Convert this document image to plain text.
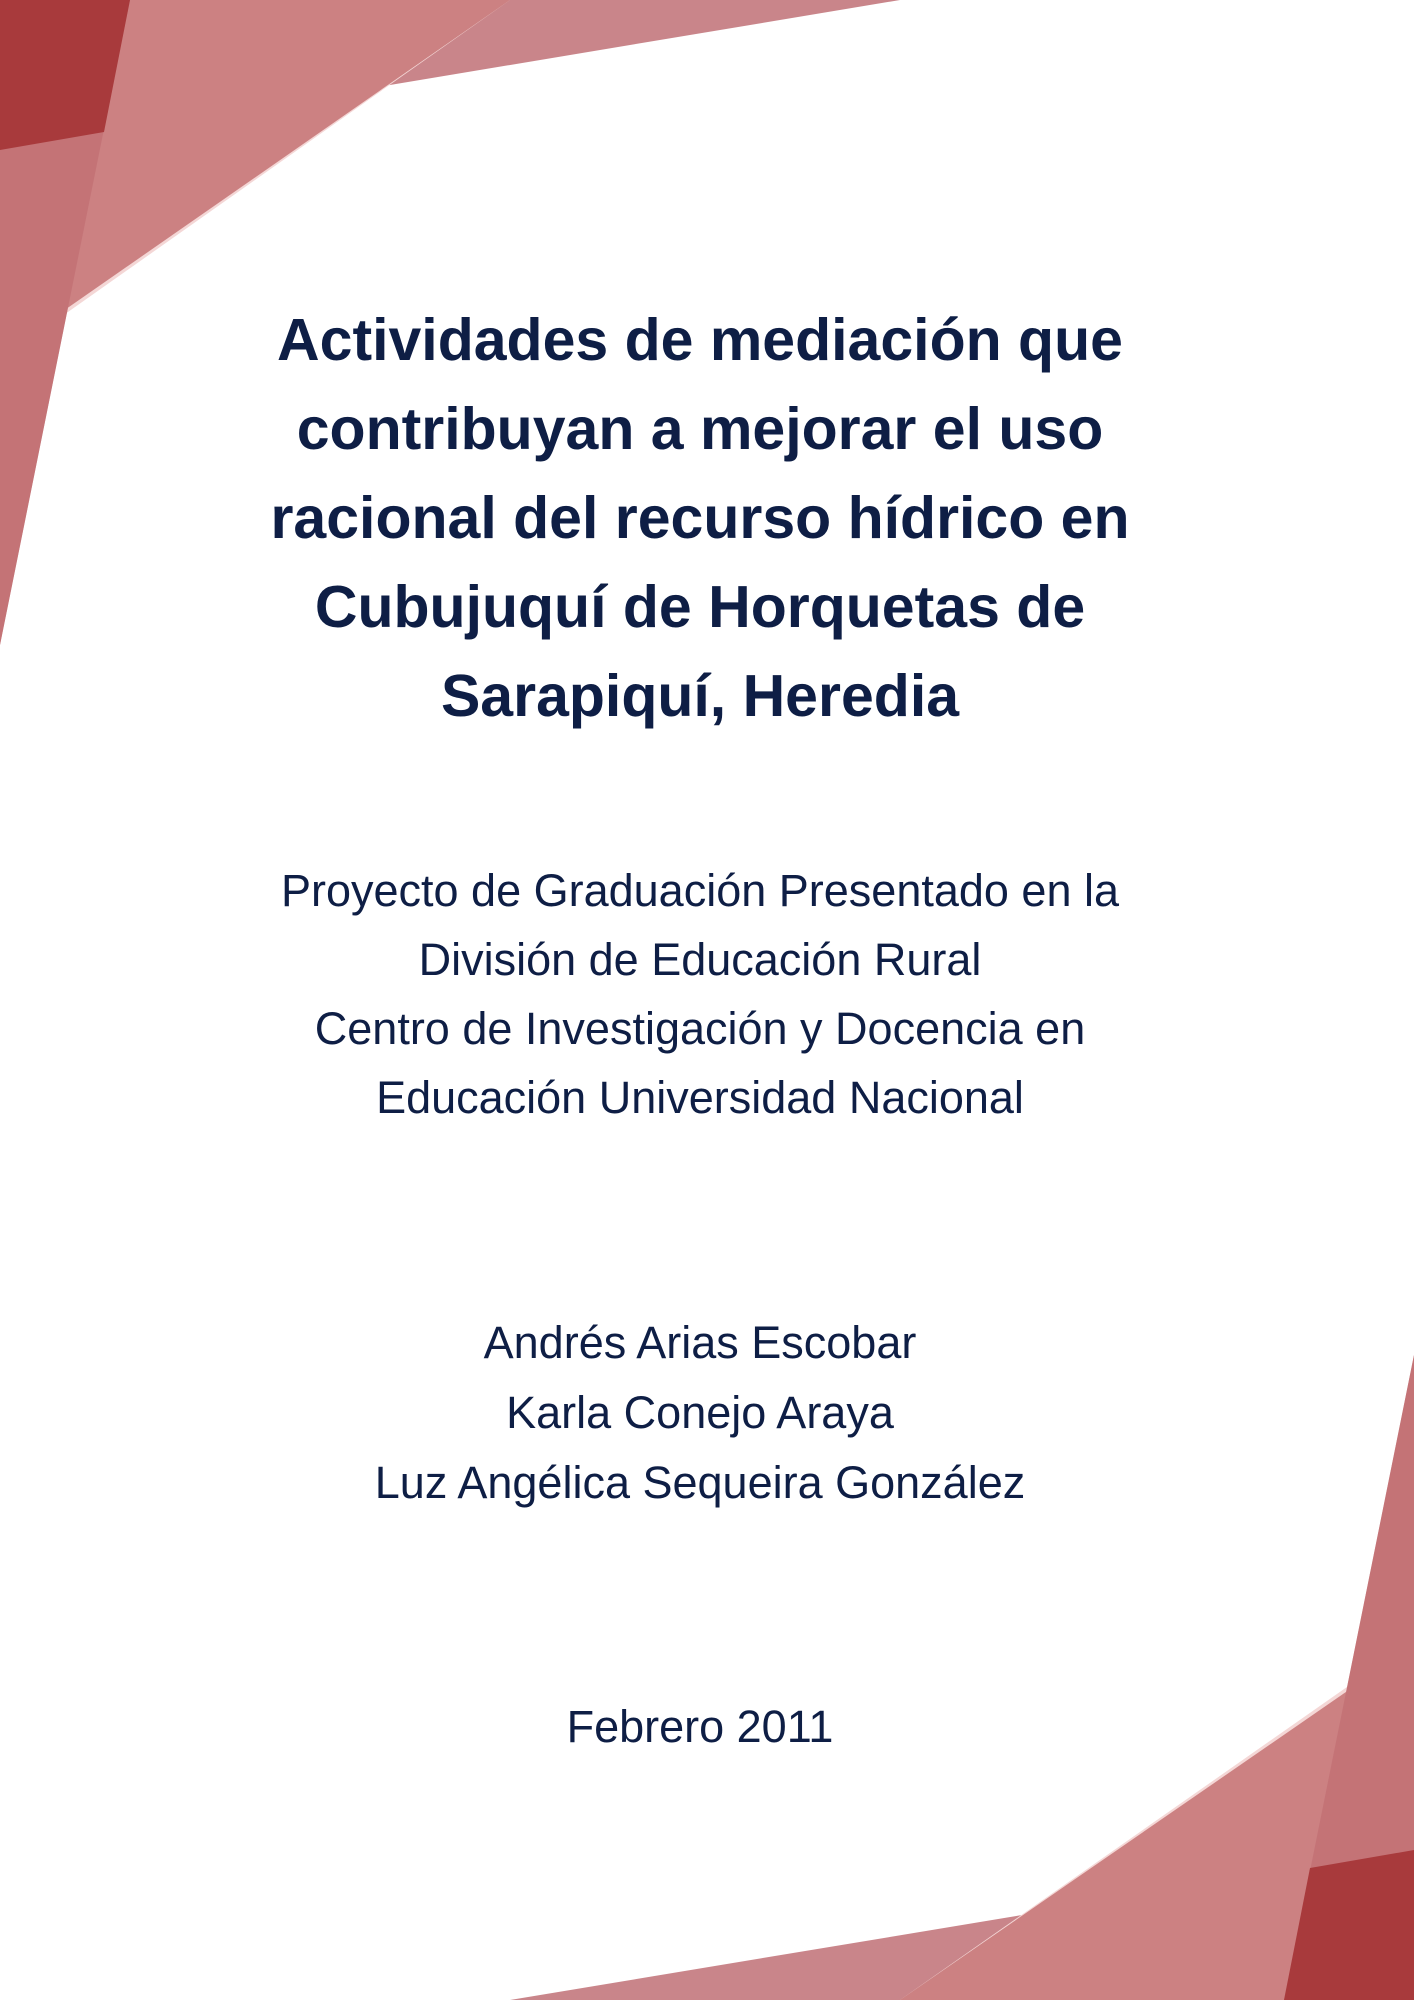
Actividades de mediación que
contribuyan a mejorar el uso
racional del recurso hídrico en
Cubujuquí de Horquetas de
Sarapiquí, Heredia
Proyecto de Graduación Presentado en la
División de Educación Rural
Centro de Investigación y Docencia en
Educación Universidad Nacional
Andrés Arias Escobar
Karla Conejo Araya
Luz Angélica Sequeira González
Febrero 2011
